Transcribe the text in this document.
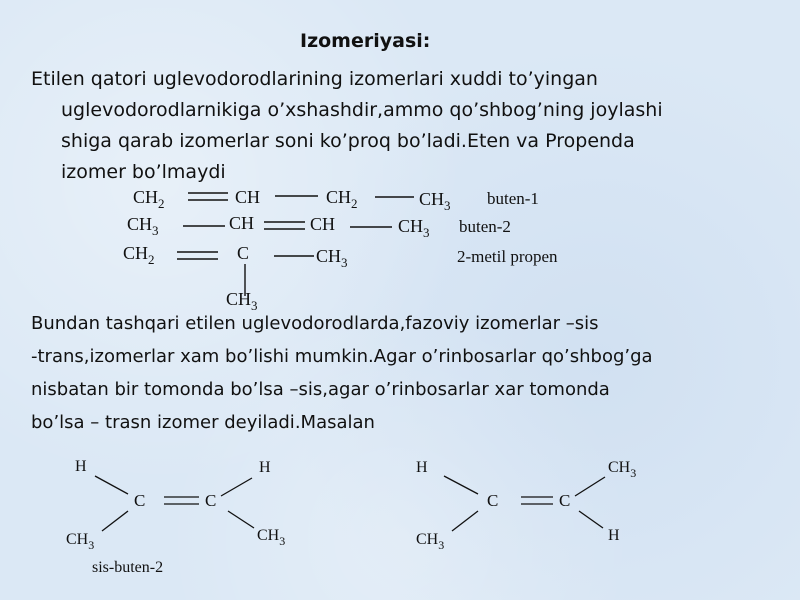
Izomeriyasi:
Etilen qatori uglevodorodlarining izomerlari xuddi to’yingan
uglevodorodlarnikiga o’xshashdir,ammo qo’shbog’ning joylashi
shiga qarab izomerlar soni ko’proq bo’ladi.Eten va Propenda
izomer bo’lmaydi
$CH_2$	CH	$CH_2$	$CH_3$ buten-1
$CH_3$	CH	CH	$CH_3$ buten-2
$CH_2$	C	$CH_3$
$CH_3$
2-metil propen
H	H
C	C
$CH_3$
$CH_3$
sis-buten-2
H	$CH_3$
C	C
$CH_3$
H
Bundan tashqari etilen uglevodorodlarda,fazoviy izomerlar –sis
-trans,izomerlar xam bo’lishi mumkin.Agar o’rinbosarlar qo’shbog’ga
nisbatan bir tomonda bo’lsa –sis,agar o’rinbosarlar xar tomonda
bo’lsa – trasn izomer deyiladi.Masalan
